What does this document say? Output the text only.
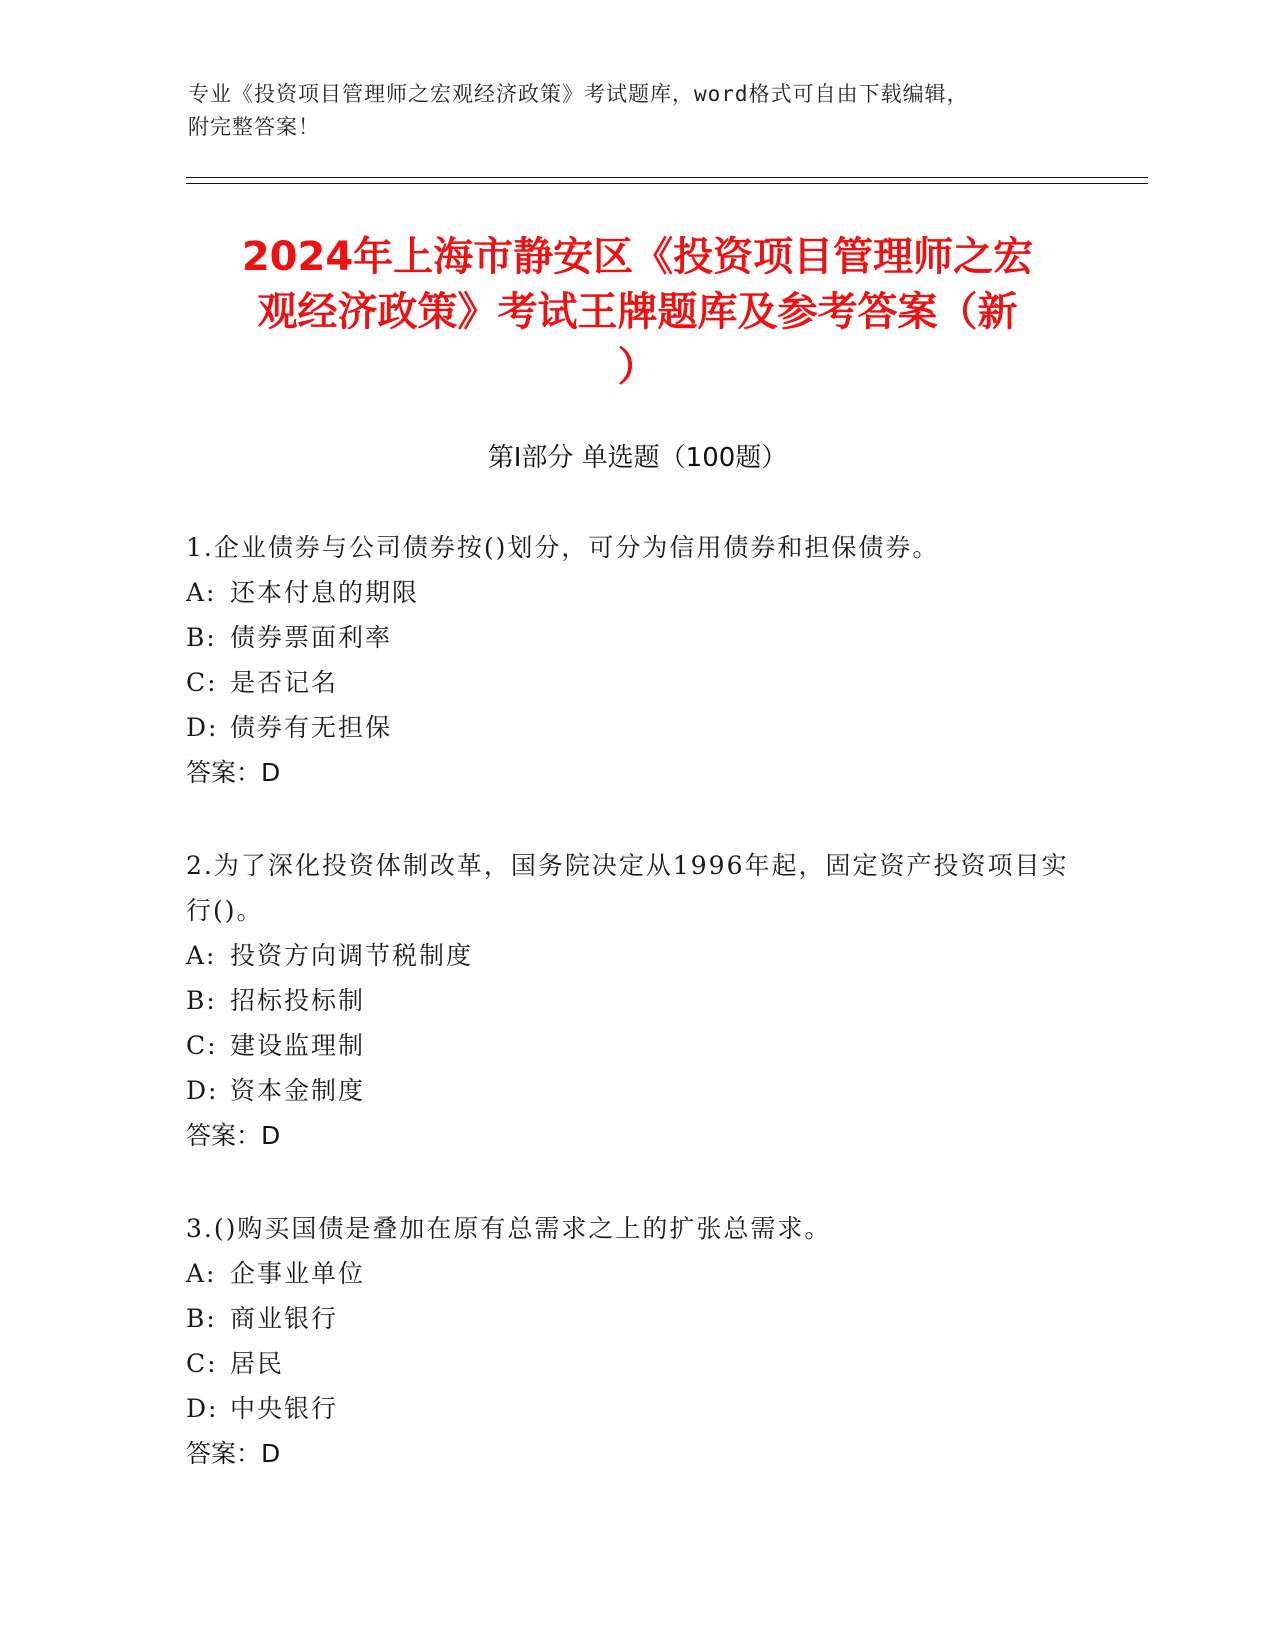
专业《投资项目管理师之宏观经济政策》考试题库，word格式可自由下载编辑，
附完整答案！
2024年上海市静安区《投资项目管理师之宏
观经济政策》考试王牌题库及参考答案（新
）
第Ⅰ部分 单选题（100题）
1.企业债券与公司债券按()划分，可分为信用债券和担保债券。
A: 还本付息的期限
B: 债券票面利率
C: 是否记名
D: 债券有无担保
答案：D
2.为了深化投资体制改革，国务院决定从1996年起，固定资产投资项目实行()。
A: 投资方向调节税制度
B: 招标投标制
C: 建设监理制
D: 资本金制度
答案：D
3.()购买国债是叠加在原有总需求之上的扩张总需求。
A: 企事业单位
B: 商业银行
C: 居民
D: 中央银行
答案：D
